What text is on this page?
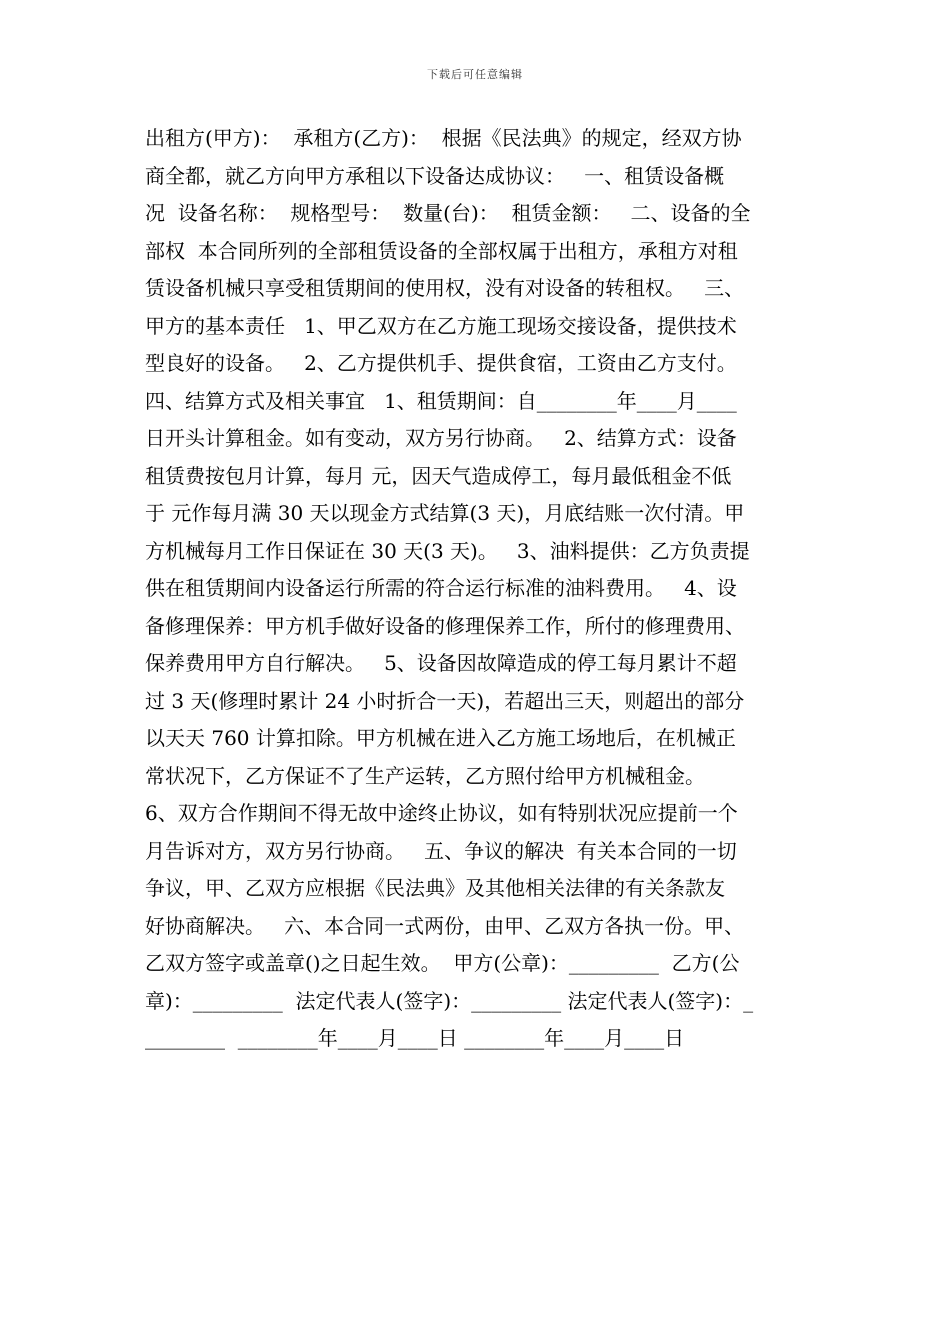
下载后可任意编辑
出租方(甲方)：  承租方(乙方)：  根据《民法典》的规定，经双方协
商全都，就乙方向甲方承租以下设备达成协议：   一、租赁设备概
况  设备名称：  规格型号：  数量(台)：  租赁金额：   二、设备的全
部权  本合同所列的全部租赁设备的全部权属于出租方，承租方对租
赁设备机械只享受租赁期间的使用权，没有对设备的转租权。   三、
甲方的基本责任   1、甲乙双方在乙方施工现场交接设备，提供技术
型良好的设备。   2、乙方提供机手、提供食宿，工资由乙方支付。
四、结算方式及相关事宜   1、租赁期间：自________年____月____
日开头计算租金。如有变动，双方另行协商。   2、结算方式：设备
租赁费按包月计算，每月 元，因天气造成停工，每月最低租金不低
于 元作每月满 30 天以现金方式结算(3 天)，月底结账一次付清。甲
方机械每月工作日保证在 30 天(3 天)。   3、油料提供：乙方负责提
供在租赁期间内设备运行所需的符合运行标准的油料费用。   4、设
备修理保养：甲方机手做好设备的修理保养工作，所付的修理费用、
保养费用甲方自行解决。   5、设备因故障造成的停工每月累计不超
过 3 天(修理时累计 24 小时折合一天)，若超出三天，则超出的部分
以天天 760 计算扣除。甲方机械在进入乙方施工场地后，在机械正
常状况下，乙方保证不了生产运转，乙方照付给甲方机械租金。
6、双方合作期间不得无故中途终止协议，如有特别状况应提前一个
月告诉对方，双方另行协商。   五、争议的解决  有关本合同的一切
争议，甲、乙双方应根据《民法典》及其他相关法律的有关条款友
好协商解决。   六、本合同一式两份，由甲、乙双方各执一份。甲、
乙双方签字或盖章()之日起生效。  甲方(公章)：_________  乙方(公
章)：_________  法定代表人(签字)：_________ 法定代表人(签字)：_
________  ________年____月____日 ________年____月____日
